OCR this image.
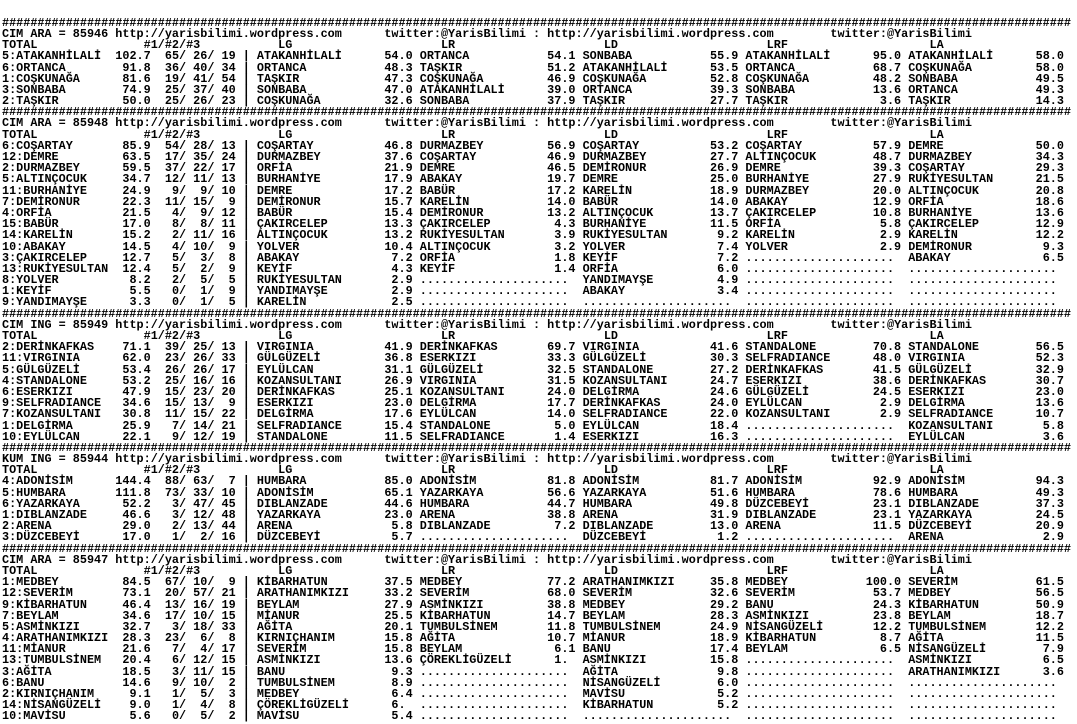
#######################################################################################################################################################
CIM ARA = 85946 http://yarisbilimi.wordpress.com	twitter:@YarisBilimi : http://yarisbilimi.wordpress.com	twitter:@YarisBilimi
TOTAL	#1/#2/#3	LG	LR	LD	LRF	LA
5:ATAKANHİLALİ  102.7  65/ 26/ 19 | ATAKANHİLALİ      54.0 ORTANCA           54.1 SONBABA           55.9 ATAKANHİLALİ      95.0 ATAKANHİLALİ      58.0
6:ORTANCA        91.8  36/ 40/ 34 | ORTANCA           48.3 TAŞKIR            51.2 ATAKANHİLALİ      53.5 ORTANCA           68.7 COŞKUNAĞA         58.0
1:COŞKUNAĞA      81.6  19/ 41/ 54 | TAŞKIR            47.3 COŞKUNAĞA         46.9 COŞKUNAĞA         52.8 COŞKUNAĞA         48.2 SONBABA           49.5
3:SONBABA        74.9  25/ 37/ 40 | SONBABA           47.0 ATAKANHİLALİ      39.0 ORTANCA           39.3 SONBABA           13.6 ORTANCA           49.3
2:TAŞKIR         50.0  25/ 26/ 23 | COŞKUNAĞA         32.6 SONBABA           37.9 TAŞKIR            27.7 TAŞKIR             3.6 TAŞKIR            14.3
#######################################################################################################################################################
CIM ARA = 85948 http://yarisbilimi.wordpress.com	twitter:@YarisBilimi : http://yarisbilimi.wordpress.com	twitter:@YarisBilimi
TOTAL	#1/#2/#3	LG	LR	LD	LRF	LA
6:COŞARTAY       85.9  54/ 28/ 13 | COŞARTAY          46.8 DURMAZBEY         56.9 COŞARTAY          53.2 COŞARTAY          57.9 DEMRE             50.0
12:DEMRE         63.5  17/ 35/ 24 | DURMAZBEY         37.6 COŞARTAY          46.9 DURMAZBEY         27.7 ALTINÇOCUK        48.7 DURMAZBEY         34.3
2:DURMAZBEY      59.5  37/ 22/ 17 | ORFİA             21.9 DEMRE             46.5 DEMİRONUR         26.9 DEMRE             39.3 COŞARTAY          29.3
5:ALTINÇOCUK     34.7  12/ 11/ 13 | BURHANİYE         17.9 ABAKAY            19.7 DEMRE             25.0 BURHANİYE         27.9 RUKİYESULTAN      21.5
11:BURHANİYE     24.9   9/  9/ 10 | DEMRE             17.2 BABÜR             17.2 KARELİN           18.9 DURMAZBEY         20.0 ALTINÇOCUK        20.8
7:DEMİRONUR      22.3  11/ 15/  9 | DEMİRONUR         15.7 KARELİN           14.0 BABÜR             14.0 ABAKAY            12.9 ORFİA             18.6
4:ORFİA          21.5   4/  9/ 12 | BABÜR             15.4 DEMİRONUR         13.2 ALTINÇOCUK        13.7 ÇAKIRCELEP        10.8 BURHANİYE         13.6
15:BABÜR         17.0   8/  8/ 11 | ÇAKIRCELEP        13.3 ÇAKIRCELEP         4.3 BURHANİYE         11.5 ORFİA              5.8 ÇAKIRCELEP        12.9
14:KARELİN       15.2   2/ 11/ 16 | ALTINÇOCUK        13.2 RUKİYESULTAN       3.9 RUKİYESULTAN       9.2 KARELİN            2.9 KARELİN           12.2
10:ABAKAY        14.5   4/ 10/  9 | YOLVER            10.4 ALTINÇOCUK         3.2 YOLVER             7.4 YOLVER             2.9 DEMİRONUR          9.3
3:ÇAKIRCELEP     12.7   5/  3/  8 | ABAKAY             7.2 ORFİA              1.8 KEYİF              7.2 .....................  ABAKAY             6.5
13:RUKİYESULTAN  12.4   5/  2/  9 | KEYİF              4.3 KEYİF              1.4 ORFİA              6.0 .....................  .....................
8:YOLVER          8.2   2/  5/  5 | RUKİYESULTAN       2.9 .....................  YANDIMAYŞE         4.9 .....................  .....................
1:KEYİF           5.5   0/  1/  9 | YANDIMAYŞE         2.9 .....................  ABAKAY             3.4 .....................  .....................
9:YANDIMAYŞE      3.3   0/  1/  5 | KARELİN            2.5 .....................  .....................  .....................  .....................
#######################################################################################################################################################
CIM ING = 85949 http://yarisbilimi.wordpress.com	twitter:@YarisBilimi : http://yarisbilimi.wordpress.com	twitter:@YarisBilimi
TOTAL	#1/#2/#3	LG	LR	LD	LRF	LA
2:DERİNKAFKAS    71.1  39/ 25/ 13 | VIRGINIA          41.9 DERİNKAFKAS       69.7 VIRGINIA          41.6 STANDALONE        70.8 STANDALONE        56.5
11:VIRGINIA      62.0  23/ 26/ 33 | GÜLGÜZELİ         36.8 ESERKIZI          33.3 GÜLGÜZELİ         30.3 SELFRADIANCE      48.0 VIRGINIA          52.3
5:GÜLGÜZELİ      53.4  26/ 26/ 17 | EYLÜLCAN          31.1 GÜLGÜZELİ         32.5 STANDALONE        27.2 DERİNKAFKAS       41.5 GÜLGÜZELİ         32.9
4:STANDALONE     53.2  25/ 16/ 16 | KOZANSULTANI      26.9 VIRGINIA          31.5 KOZANSULTANI      24.7 ESERKIZI          38.6 DERİNKAFKAS       30.7
6:ESERKIZI       47.9  15/ 23/ 20 | DERİNKAFKAS       25.1 KOZANSULTANI      24.0 DELGİRMA          24.6 GÜLGÜZELİ         24.5 ESERKIZI          23.0
9:SELFRADIANCE   34.6  15/ 13/  9 | ESERKIZI          23.0 DELGİRMA          17.7 DERİNKAFKAS       24.0 EYLÜLCAN           2.9 DELGİRMA          13.6
7:KOZANSULTANI   30.8  11/ 15/ 22 | DELGİRMA          17.6 EYLÜLCAN          14.0 SELFRADIANCE      22.0 KOZANSULTANI       2.9 SELFRADIANCE      10.7
1:DELGİRMA       25.9   7/ 14/ 21 | SELFRADIANCE      15.4 STANDALONE         5.0 EYLÜLCAN          18.4 .....................  KOZANSULTANI       5.8
10:EYLÜLCAN      22.1   9/ 12/ 19 | STANDALONE        11.5 SELFRADIANCE       1.4 ESERKIZI          16.3 .....................  EYLÜLCAN           3.6
#######################################################################################################################################################
KUM ING = 85944 http://yarisbilimi.wordpress.com	twitter:@YarisBilimi : http://yarisbilimi.wordpress.com	twitter:@YarisBilimi
TOTAL	#1/#2/#3	LG	LR	LD	LRF	LA
4:ADONİSİM      144.4  88/ 63/  7 | HUMBARA           85.0 ADONİSİM          81.8 ADONİSİM          81.7 ADONİSİM          92.9 ADONİSİM          94.3
5:HUMBARA       111.8  73/ 33/ 10 | ADONİSİM          65.1 YAZARKAYA         56.6 YAZARKAYA         51.6 HUMBARA           78.6 HUMBARA           49.3
6:YAZARKAYA      52.2   3/ 47/ 45 | DIBLANZADE        44.6 HUMBARA           44.7 HUMBARA           49.8 DÜZCEBEYİ         23.1 DIBLANZADE        37.3
1:DIBLANZADE     46.6   3/ 12/ 48 | YAZARKAYA         23.0 ARENA             38.8 ARENA             31.9 DIBLANZADE        23.1 YAZARKAYA         24.5
2:ARENA          29.0   2/ 13/ 44 | ARENA              5.8 DIBLANZADE         7.2 DIBLANZADE        13.0 ARENA             11.5 DÜZCEBEYİ         20.9
3:DÜZCEBEYİ      17.0   1/  2/ 16 | DÜZCEBEYİ          5.7 .....................  DÜZCEBEYİ          1.2 .....................  ARENA              2.9
#######################################################################################################################################################
CIM ARA = 85947 http://yarisbilimi.wordpress.com	twitter:@YarisBilimi : http://yarisbilimi.wordpress.com	twitter:@YarisBilimi
TOTAL	#1/#2/#3	LG	LR	LD	LRF	LA
1:MEDBEY         84.5  67/ 10/  9 | KİBARHATUN        37.5 MEDBEY            77.2 ARATHANIMKIZI     35.8 MEDBEY           100.0 SEVERİM           61.5
12:SEVERİM       73.1  20/ 57/ 21 | ARATHANIMKIZI     33.2 SEVERİM           68.0 SEVERİM           32.6 SEVERİM           53.7 MEDBEY            56.5
9:KİBARHATUN     46.4  13/ 16/ 19 | BEYLAM            27.9 ASMİNKIZI         38.8 MEDBEY            29.2 BANU              24.3 KİBARHATUN        50.9
7:BEYLAM         34.6  17/ 10/ 15 | MİANUR            25.5 KİBARHATUN        14.7 BEYLAM            28.3 ASMİNKIZI         23.8 BEYLAM            18.7
5:ASMİNKIZI      32.7   3/ 18/ 33 | AĞİTA             20.1 TUMBULSİNEM       11.8 TUMBULSİNEM       24.9 NİSANGÜZELİ       12.2 TUMBULSİNEM       12.2
4:ARATHANIMKIZI  28.3  23/  6/  8 | KIRNIÇHANIM       15.8 AĞİTA             10.7 MİANUR            18.9 KİBARHATUN         8.7 AĞİTA             11.5
11:MİANUR        21.6   7/  4/ 17 | SEVERİM           15.8 BEYLAM             6.1 BANU              17.4 BEYLAM             6.5 NİSANGÜZELİ        7.9
13:TUMBULSİNEM   20.4   6/ 12/ 15 | ASMİNKIZI         13.6 ÇÖREKLİGÜZELİ      1.  ASMİNKIZI         15.8 .....................  ASMİNKIZI          6.5
3:AĞİTA          18.5   3/ 11/ 15 | BANU               9.3 .....................  AĞİTA              9.8 .....................  ARATHANIMKIZI      3.6
6:BANU           14.6   9/ 10/  2 | TUMBULSİNEM        8.9 .....................  NİSANGÜZELİ        6.0 .....................  .....................
2:KIRNIÇHANIM     9.1   1/  5/  3 | MEDBEY             6.4 .....................  MAVİSU             5.2 .....................  .....................
14:NİSANGÜZELİ    9.0   1/  4/  8 | ÇÖREKLİGÜZELİ      6.  .....................  KİBARHATUN         5.2 .....................  .....................
10:MAVİSU         5.6   0/  5/  2 | MAVİSU             5.4 .....................  .....................  .....................  .....................
